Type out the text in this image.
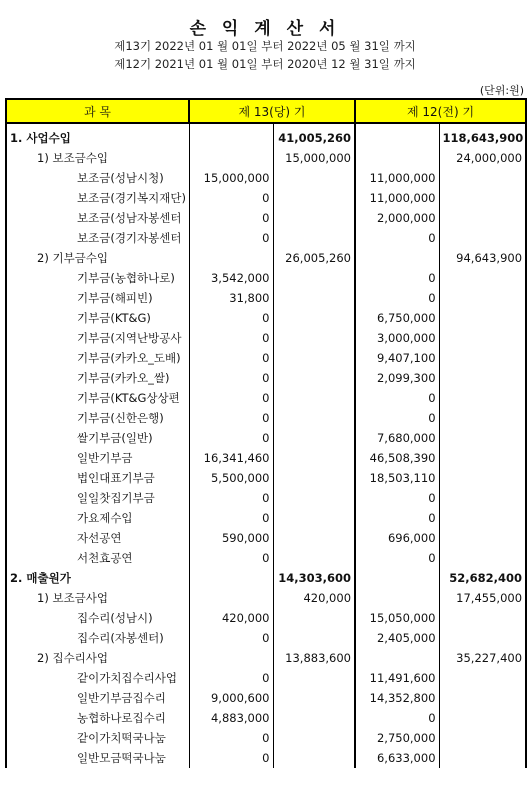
손 익 계 산 서
제13기 2022년 01 월 01일 부터 2022년 05 월 31일 까지
제12기 2021년 01 월 01일 부터 2020년 12 월 31일 까지
(단위:원)
과 목	제 13(당) 기		제 12(전) 기	
1. 사업수입		41,005,260		118,643,900
1) 보조금수입		15,000,000		24,000,000
보조금(성남시청)	15,000,000		11,000,000	
보조금(경기복지재단)	0		11,000,000	
보조금(성남자봉센터	0		2,000,000	
보조금(경기자봉센터	0		0	
2) 기부금수입		26,005,260		94,643,900
기부금(농협하나로)	3,542,000		0	
기부금(해피빈)	31,800		0	
기부금(KT&G)	0		6,750,000	
기부금(지역난방공사	0		3,000,000	
기부금(카카오_도배)	0		9,407,100	
기부금(카카오_쌀)	0		2,099,300	
기부금(KT&G상상편	0		0	
기부금(신한은행)	0		0	
쌀기부금(일반)	0		7,680,000	
일반기부금	16,341,460		46,508,390	
법인대표기부금	5,500,000		18,503,110	
일일찻집기부금	0		0	
가요제수입	0		0	
자선공연	590,000		696,000	
서천효공연	0		0	
2. 매출원가		14,303,600		52,682,400
1) 보조금사업		420,000		17,455,000
집수리(성남시)	420,000		15,050,000	
집수리(자봉센터)	0		2,405,000	
2) 집수리사업		13,883,600		35,227,400
같이가치집수리사업	0		11,491,600	
일반기부금집수리	9,000,600		14,352,800	
농협하나로집수리	4,883,000		0	
같이가치떡국나눔	0		2,750,000	
일반모금떡국나눔	0		6,633,000	
